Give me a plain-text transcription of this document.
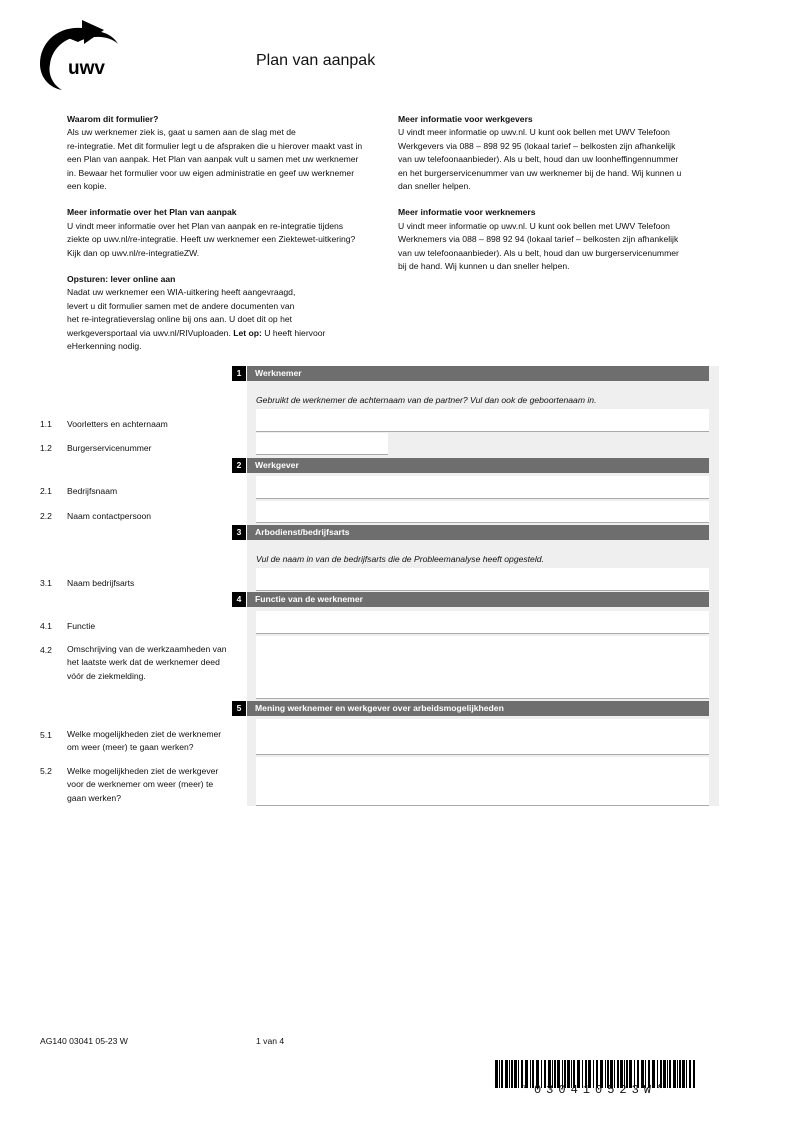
uwv	Plan van aanpak
Waarom dit formulier?

Als uw werknemer ziek is, gaat u samen aan de slag met de
re-integratie. Met dit formulier legt u de afspraken die u hierover maakt vast in
een Plan van aanpak. Het Plan van aanpak vult u samen met uw werknemer
in. Bewaar het formulier voor uw eigen administratie en geef uw werknemer
een kopie.

Meer informatie over het Plan van aanpak

U vindt meer informatie over het Plan van aanpak en re-integratie tijdens
ziekte op uwv.nl/re-integratie. Heeft uw werknemer een Ziektewet-uitkering?
Kijk dan op uwv.nl/re-integratieZW.

Opsturen: lever online aan

Nadat uw werknemer een WIA-uitkering heeft aangevraagd,
levert u dit formulier samen met de andere documenten van
het re-integratieverslag online bij ons aan. U doet dit op het
werkgeversportaal via uwv.nl/RIVuploaden. Let op: U heeft hiervoor
eHerkenning nodig.

Meer informatie voor werkgevers

U vindt meer informatie op uwv.nl. U kunt ook bellen met UWV Telefoon
Werkgevers via 088 – 898 92 95 (lokaal tarief – belkosten zijn afhankelijk
van uw telefoonaanbieder). Als u belt, houd dan uw loonheffingennummer
en het burgerservicenummer van uw werknemer bij de hand. Wij kunnen u
dan sneller helpen.

Meer informatie voor werknemers

U vindt meer informatie op uwv.nl. U kunt ook bellen met UWV Telefoon
Werknemers via 088 – 898 92 94 (lokaal tarief – belkosten zijn afhankelijk
van uw telefoonaanbieder). Als u belt, houd dan uw burgerservicenummer
bij de hand. Wij kunnen u dan sneller helpen.

1	Werknemer
Gebruikt de werknemer de achternaam van de partner? Vul dan ook de geboortenaam in.
1.1 Voorletters en achternaam
1.2 Burgerservicenummer
2	Werkgever
2.1 Bedrijfsnaam
2.2 Naam contactpersoon
3	Arbodienst/bedrijfsarts
Vul de naam in van de bedrijfsarts die de Probleemanalyse heeft opgesteld.
3.1 Naam bedrijfsarts
4	Functie van de werknemer
4.1 Functie
4.2 Omschrijving van de werkzaamheden van
het laatste werk dat de werknemer deed
vóór de ziekmelding.
5	Mening werknemer en werkgever over arbeidsmogelijkheden
5.1 Welke mogelijkheden ziet de werknemer
om weer (meer) te gaan werken?
5.2 Welke mogelijkheden ziet de werkgever
voor de werknemer om weer (meer) te
gaan werken?
AG140 03041 05-23 W	1 van 4
*030410523W*
